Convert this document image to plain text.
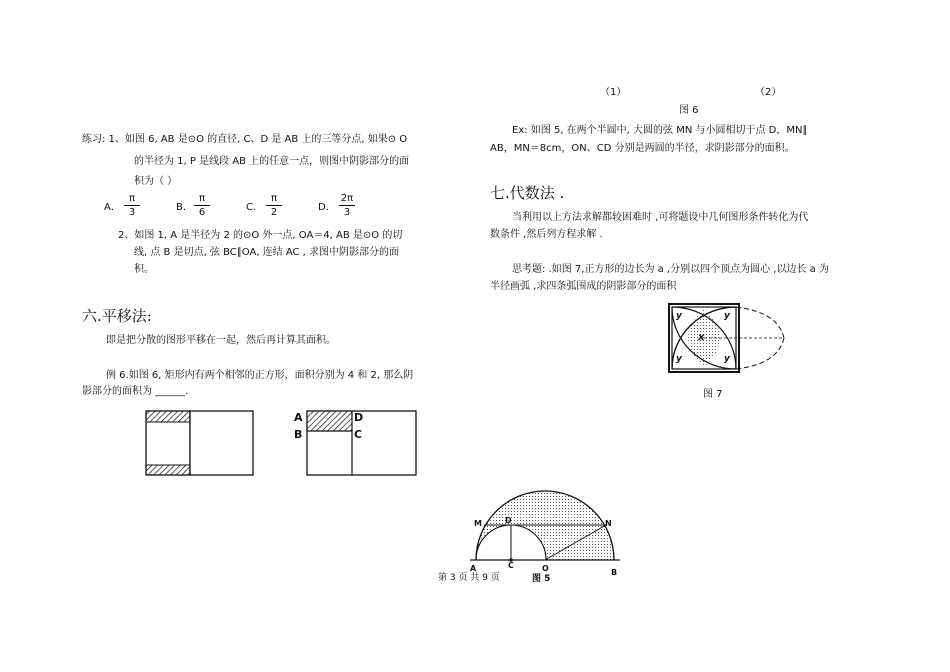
（1）	（2）
图 6
练习: 1、如图 6, AB 是⊙O 的直径, C、D 是 AB 上的三等分点, 如果⊙ O
的半径为 1, P 是线段 AB 上的任意一点，则图中阴影部分的面
积为（ ）
A． $\frac{\pi}{3}$	B． $\frac{\pi}{6}$	C． $\frac{\pi}{2}$	D． $\frac{2\pi}{3}$
2、如图 1, A 是半径为 2 的⊙O 外一点, OA＝4, AB 是⊙O 的切
线, 点 B 是切点, 弦 BC∥OA, 连结 AC , 求图中阴影部分的面
积。
六.平移法:
即是把分散的图形平移在一起，然后再计算其面积。
例 6.如图 6, 矩形内有两个相邻的正方形，面积分别为 4 和 2, 那么阴
影部分的面积为 ______.
A
B
D
C
Ex: 如图 5, 在两个半圆中, 大圆的弦 MN 与小圆相切于点 D，MN∥
AB，MN＝8cm，ON、CD 分别是两圆的半径，求阴影部分的面积。
七.代数法 .
当利用以上方法求解都较困难时 ,可将题设中几何图形条件转化为代
数条件 ,然后列方程求解 .
思考题: .如图 7,正方形的边长为 a ,分别以四个顶点为圆心 ,以边长 a 为
半径画弧 ,求四条弧围成的阴影部分的面积
x
y	y
y	y
图 7
M	N
D
A	C	O	B
图 5
第 3 页 共 9 页
